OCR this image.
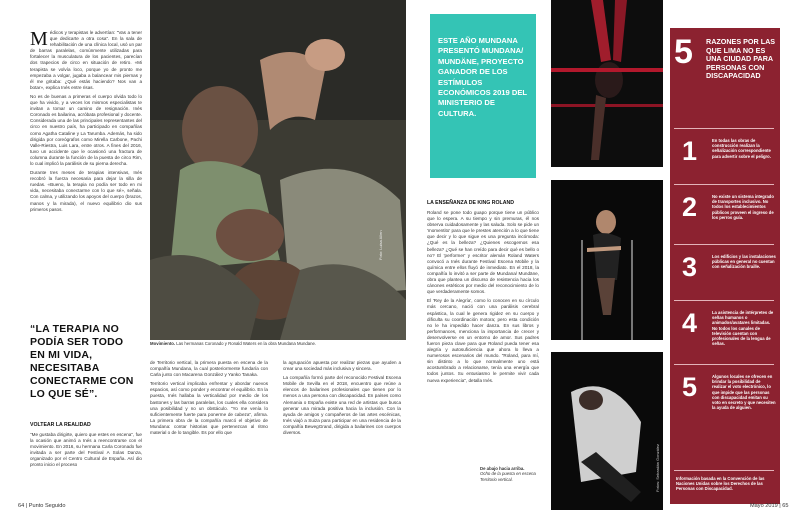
Médicos y terapistas le advertían: "Vas a tener que dedicarte a otra cosa". En la sala de rehabilitación de una clínica local, usó un par de barras paralelas, comúnmente utilizadas para fortalecer la musculatura de los pacientes, parecían dos trapecios de circo en situación de retiro. «Mi terapista se volvía loco, porque yo de pronto me empezaba a volgar, jugaba a balancear mis piernas y él me gritaba: ¿Qué estás haciendo? Nos van a botar», explica Inés entre risas.

No es de buenas a primeras el cuerpo olvida todo lo que ha vivido, y a veces los mismos especialistas te invitan a tomar un camino de resignación. Inés Coronado es bailarina, acróbata profesional y docente. Considerada una de las principales representantes del circo en nuestro país, ha participado en compañías como Agatha Cataline y La Tarumba. Además, ha sido dirigida por coreógrafos como Mirella Carbone, Pachi Valle-Riestra, Luis Lara, entre otros. A fines del 2016, tuvo un accidente que le ocasionó una fractura de columna durante la función de la puesta de circo Rim, lo cual implicó la parálisis de su pierna derecha.

Durante tres meses de terapias intensivas, Inés recobró la fuerza necesaria para dejar la silla de ruedas. «Bueno, la terapia no podía ser todo en mi vida, necesitaba conectarme con lo que sé», señala. Con calma, y utilizando los apoyos del cuerpo (brazos, manos y la mirada), el nuevo equilibrio dio sus primeros pasos.

“LA TERAPIA NO PODÍA SER TODO EN MI VIDA, NECESITABA CONECTARME CON LO QUE SÉ”.

VOLTEAR LA REALIDAD

"Me gustaba dirigirte, quiero que estes en escena", fue la ocasión que animó a Inés a reencontrarse con el movimiento. En 2016, su hermana Carla Coronado fue invitada a ser parte del Festival A Solas Danza, organizado por el Centro Cultural de España. Así dio pronto inicio el proceso

Foto: Luisa Allen
Movimiento. Las hermanas Coronado y Ronald Waters en la obra Mundana Mundane.

de Territorio vertical, la primera puesta en escena de la compañía Mundana, la cual posteriormente fundaría con Carla junto con Macarena González y Yanko Tanaka.

Territorio vertical implicaba enfrentar y abordar nuevos espacios, así como ponder y encontrar el equilibrio. En la puesta, Inés hallaba la verticalidad por medio de los bastones y las barras paralelas, los cuales ella considera una posibilidad y no un obstáculo. "Yo me venía lo suficientemente fuerte para ponerme de cabeza", afirma. La primera obra de la compañía marcó el objetivo de Mundana: contar historias que pertenezcan al ritmo material o de lo tangible. Es por ello que

la agrupación apuesta por realizar piezas que ayuden a crear una sociedad más inclusiva y sincera.

La compañía formó parte del reconocido Festival Escena Mobile de Sevilla en el 2018, encuentro que reúne a elencos de bailarines profesionales que tienen por lo menos a una persona con discapacidad. En países como Alemania o España existe una red de artistas que busca generar una mirada positiva hacia la inclusión. Con la ayuda de amigos y compañeros de las artes escénicas, Inés viajó a Suiza para participar en una residencia de la compañía BewegGrand, dirigida a bailarines con cuerpos diversos.

64 | Punto Seguido
ESTE AÑO MUNDANA PRESENTÓ MUNDANA/ MUNDÄNE, PROYECTO GANADOR DE LOS ESTÍMULOS ECONÓMICOS 2019 DEL MINISTERIO DE CULTURA.

LA ENSEÑANZA DE KING ROLAND

Roland se pone todo guapo porque tiene un público que lo espera. A su tiempo y sin premuras, él nos observa cuidadosamente y las saluda. Solo se pide un 'momentito' para que le prestes atención a lo que tiene que decir y lo que sigue es una pregunta incómoda: ¿Qué es la belleza? ¿Quienes escogemos esa belleza? ¿Qué se han creído para decir qué es bello o no? El 'performer' y escritor alemán Roland Waters convocó a Inés durante Festival Escena Mobile y la química entre ellos fluyó de inmediato. En el 2018, la compañía lo invitó a ser parte de Mundana/ Mundäne, obra que plantea un discurso de resistencia hacia los cánones estéticos por medio del reconocimiento de lo que verdaderamente somos.

El 'Rey de la Alegría', como lo conocen en su círculo más cercano, nació con una parálisis cerebral espástica, la cual le genera rigidez en su cuerpo y dificulta su coordinación motora; pero esta condición no le ha impedido hacer danza. En sus libros y performances, menciona la importancia de crecer y desenvolverse en un entorno de amor. Sus padres fueron pieza clave para que Roland pueda tener esa alegría y autosuficiencia que ahora lo lleva a numerosos escenarios del mundo. "Roland, para mí, sin distinto a lo que normalmente uno está acostumbrado a relacionarse, tenía una energía que todos juntos. Su entusiasmo le permite vivir cada nueva experiencia", detalla Inés.

De abajo hacia arriba.
Ocho de la puesta en escena Territorio vertical.	Fotos: Sebastián González
5 RAZONES POR LAS QUE LIMA NO ES UNA CIUDAD PARA PERSONAS CON DISCAPACIDAD
1	En todas las obras de construcción realizan la señalización correspondiente para advertir sobre el peligro.
2	No existe un sistema integrado de transportes inclusivo. No todos los establecimientos públicos proveen el ingreso de los perros guía.
3	Los edificios y las instalaciones públicas en general no cuentan con señalización braille.
4	La asistencia de intérpretes de señas humanos o animados/avatares limitadas. No todos los canales de televisión cuentan con profesionales de la lengua de señas.
5	Algunos locales se ofrecen en brindar la posibilidad de realizar el voto electrónico, lo que impide que las personas con discapacidad emitan su voto en secreto y que necesiten la ayuda de alguien.
Información basada en la Convención de las Naciones Unidas sobre los Derechos de las Personas con Discapacidad.
Mayo 2019 | 65
